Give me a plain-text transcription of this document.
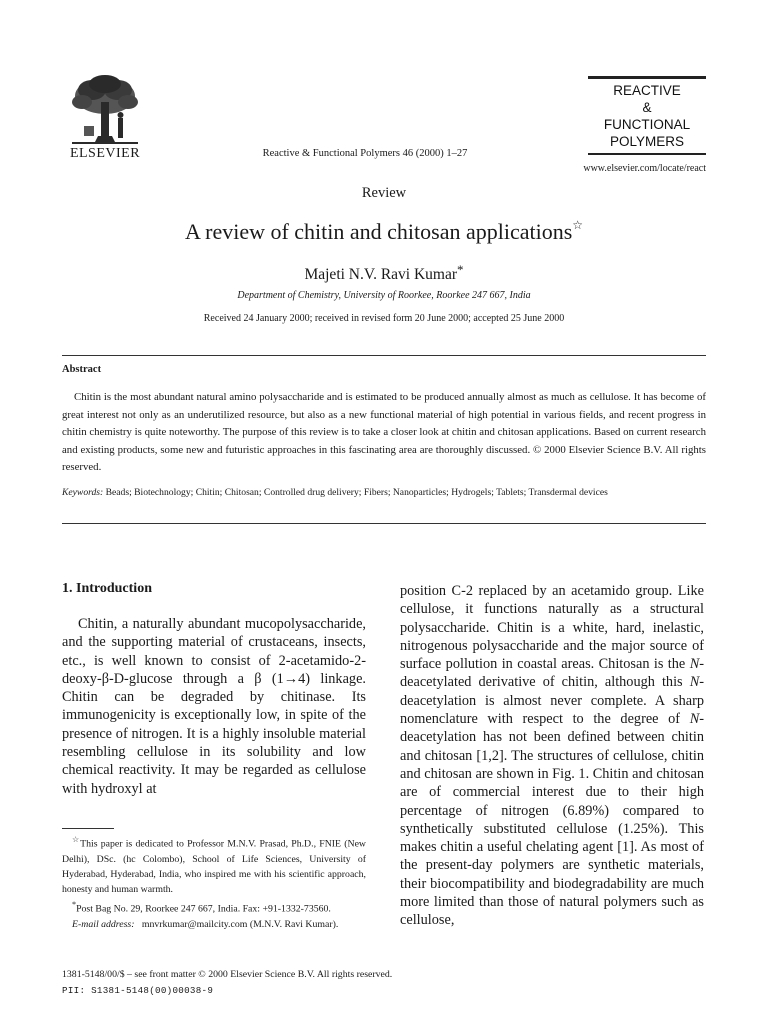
ELSEVIER	Reactive & Functional Polymers 46 (2000) 1–27
REACTIVE
&
FUNCTIONAL
POLYMERS
www.elsevier.com/locate/react
Review
A review of chitin and chitosan applications☆
Majeti N.V. Ravi Kumar*
Department of Chemistry, University of Roorkee, Roorkee 247 667, India
Received 24 January 2000; received in revised form 20 June 2000; accepted 25 June 2000
Abstract
Chitin is the most abundant natural amino polysaccharide and is estimated to be produced annually almost as much as cellulose. It has become of great interest not only as an underutilized resource, but also as a new functional material of high potential in various fields, and recent progress in chitin chemistry is quite noteworthy. The purpose of this review is to take a closer look at chitin and chitosan applications. Based on current research and existing products, some new and futuristic approaches in this fascinating area are thoroughly discussed. © 2000 Elsevier Science B.V. All rights reserved.
Keywords: Beads; Biotechnology; Chitin; Chitosan; Controlled drug delivery; Fibers; Nanoparticles; Hydrogels; Tablets; Transdermal devices
1. Introduction
Chitin, a naturally abundant mucopolysaccharide, and the supporting material of crustaceans, insects, etc., is well known to consist of 2-acetamido-2-deoxy-β-D-glucose through a β (1→4) linkage. Chitin can be degraded by chitinase. Its immunogenicity is exceptionally low, in spite of the presence of nitrogen. It is a highly insoluble material resembling cellulose in its solubility and low chemical reactivity. It may be regarded as cellulose with hydroxyl at
position C-2 replaced by an acetamido group. Like cellulose, it functions naturally as a structural polysaccharide. Chitin is a white, hard, inelastic, nitrogenous polysaccharide and the major source of surface pollution in coastal areas. Chitosan is the N-deacetylated derivative of chitin, although this N-deacetylation is almost never complete. A sharp nomenclature with respect to the degree of N-deacetylation has not been defined between chitin and chitosan [1,2]. The structures of cellulose, chitin and chitosan are shown in Fig. 1. Chitin and chitosan are of commercial interest due to their high percentage of nitrogen (6.89%) compared to synthetically substituted cellulose (1.25%). This makes chitin a useful chelating agent [1]. As most of the present-day polymers are synthetic materials, their biocompatibility and biodegradability are much more limited than those of natural polymers such as cellulose,

☆This paper is dedicated to Professor M.N.V. Prasad, Ph.D., FNIE (New Delhi), DSc. (hc Colombo), School of Life Sciences, University of Hyderabad, Hyderabad, India, who inspired me with his scientific approach, honesty and human warmth.

*Post Bag No. 29, Roorkee 247 667, India. Fax: +91-1332-73560.

E-mail address: mnvrkumar@mailcity.com (M.N.V. Ravi Kumar).

1381-5148/00/$ – see front matter © 2000 Elsevier Science B.V. All rights reserved.
PII: S1381-5148(00)00038-9
